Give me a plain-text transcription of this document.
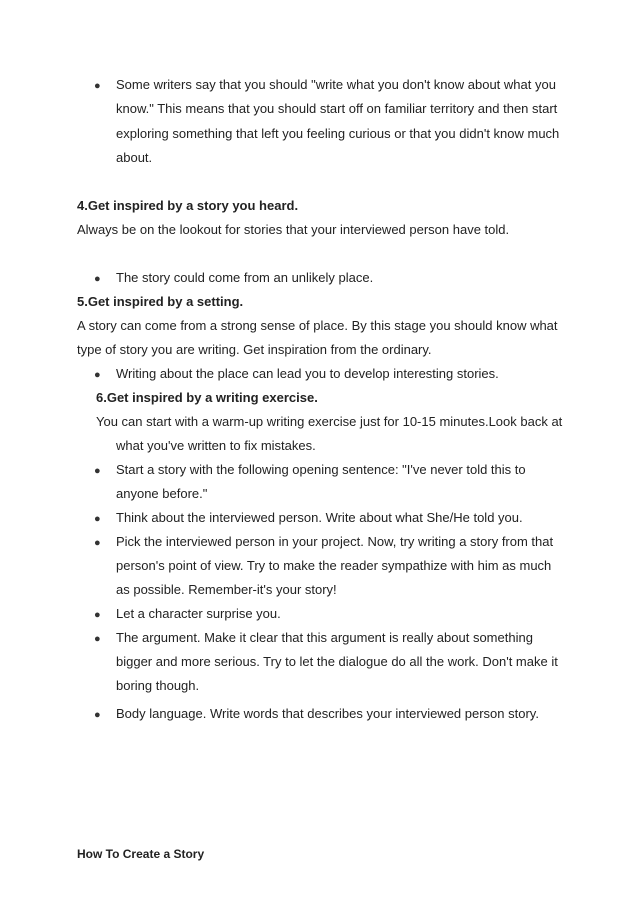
● Some writers say that you should "write what you don't know about what you
know." This means that you should start off on familiar territory and then start
exploring something that left you feeling curious or that you didn't know much
about.
4.Get inspired by a story you heard.
Always be on the lookout for stories that your interviewed person have told.
● The story could come from an unlikely place.
5.Get inspired by a setting.
A story can come from a strong sense of place. By this stage you should know what
type of story you are writing. Get inspiration from the ordinary.
● Writing about the place can lead you to develop interesting stories.
6.Get inspired by a writing exercise.
You can start with a warm-up writing exercise just for 10-15 minutes.Look back at
what you've written to fix mistakes.
● Start a story with the following opening sentence: "I've never told this to
anyone before."
● Think about the interviewed person. Write about what She/He told you.
● Pick the interviewed person in your project. Now, try writing a story from that
person's point of view. Try to make the reader sympathize with him as much
as possible. Remember-it's your story!
● Let a character surprise you.
● The argument. Make it clear that this argument is really about something
bigger and more serious. Try to let the dialogue do all the work. Don't make it
boring though.
● Body language. Write words that describes your interviewed person story.
How To Create a Story
